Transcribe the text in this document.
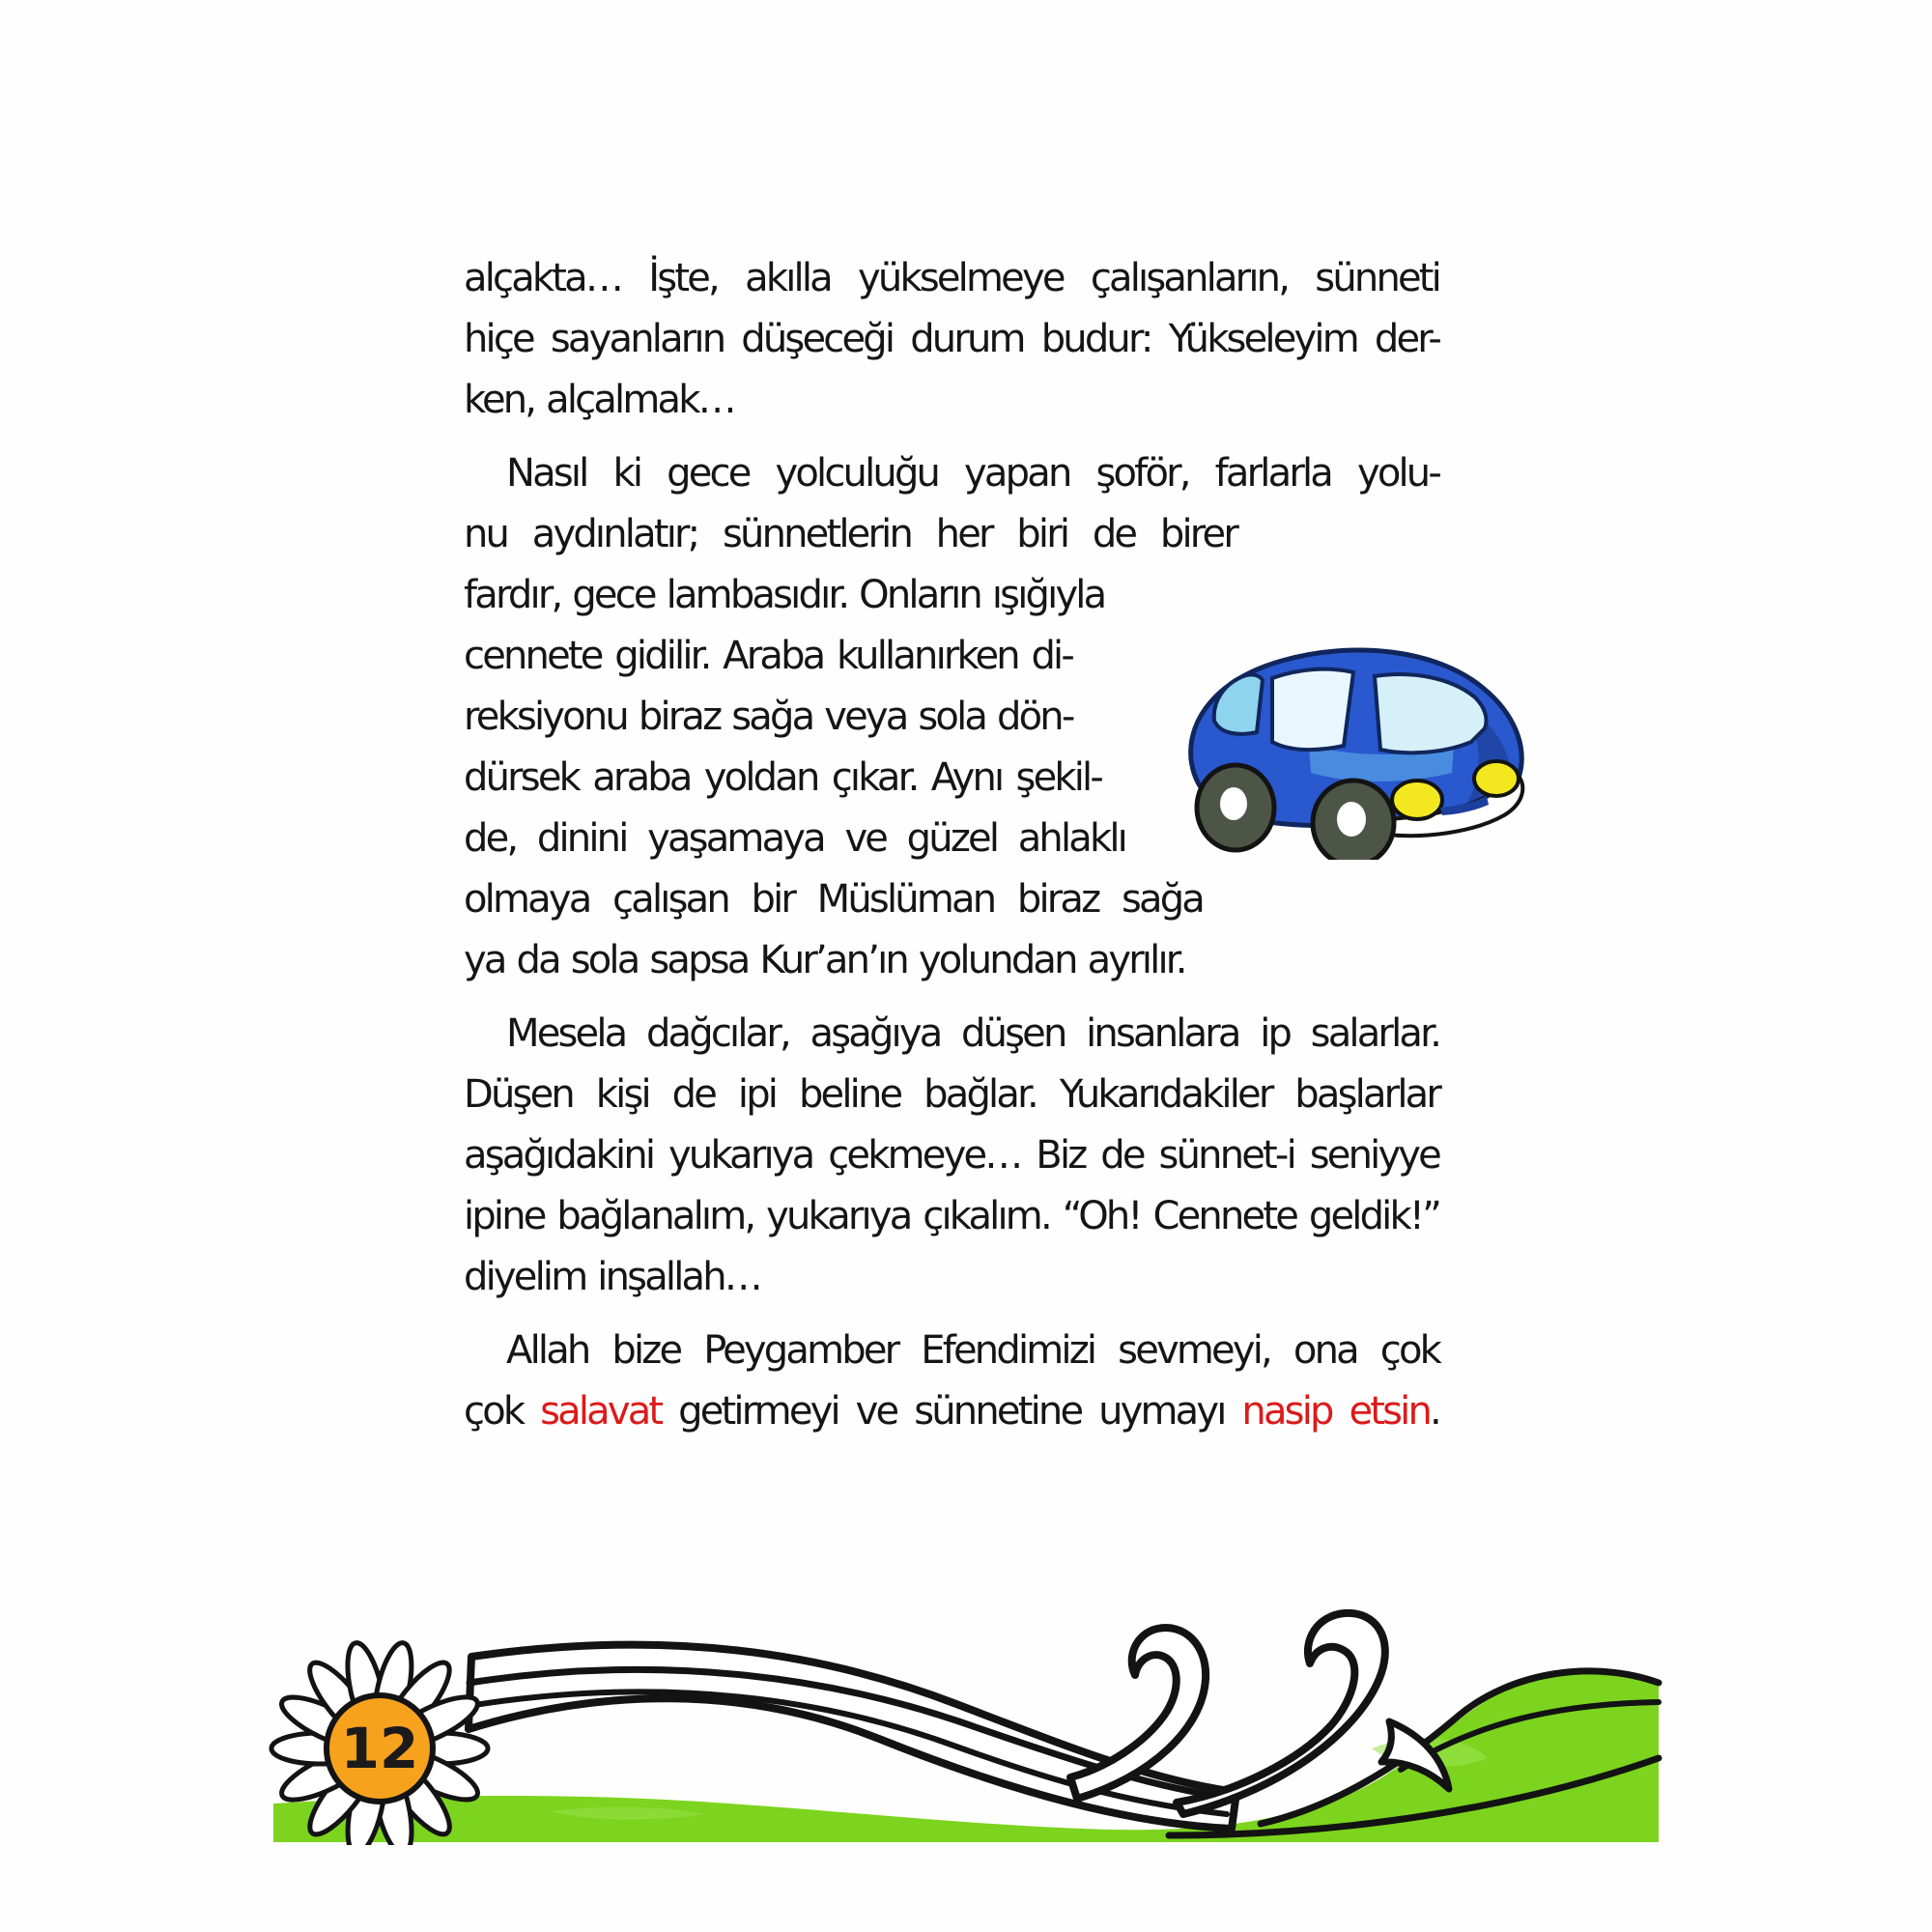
alçakta… İşte, akılla yükselmeye çalışanların, sünneti
hiçe sayanların düşeceği durum budur: Yükseleyim der-
ken, alçalmak…
Nasıl ki gece yolculuğu yapan şoför, farlarla yolu-
nu aydınlatır; sünnetlerin her biri de birer
fardır, gece lambasıdır. Onların ışığıyla
cennete gidilir. Araba kullanırken di-
reksiyonu biraz sağa veya sola dön-
dürsek araba yoldan çıkar. Aynı şekil-
de, dinini yaşamaya ve güzel ahlaklı
olmaya çalışan bir Müslüman biraz sağa
ya da sola sapsa Kur’an’ın yolundan ayrılır.
Mesela dağcılar, aşağıya düşen insanlara ip salarlar.
Düşen kişi de ipi beline bağlar. Yukarıdakiler başlarlar
aşağıdakini yukarıya çekmeye… Biz de sünnet-i seniyye
ipine bağlanalım, yukarıya çıkalım. “Oh! Cennete geldik!”
diyelim inşallah…
Allah bize Peygamber Efendimizi sevmeyi, ona çok
çok salavat getirmeyi ve sünnetine uymayı nasip etsin.
12
